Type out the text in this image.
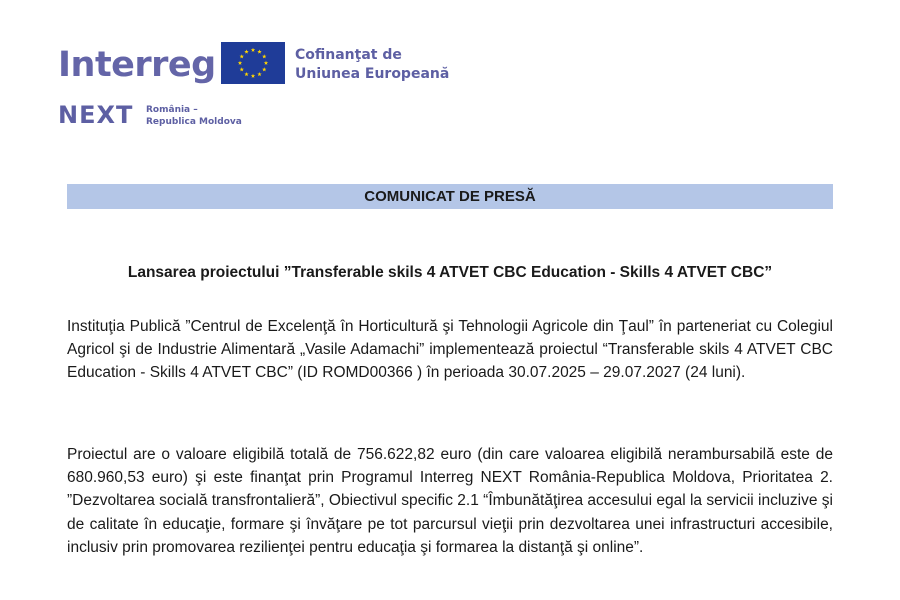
Interreg	Cofinanţat de
Uniunea Europeană
NEXT România –
Republica Moldova
COMUNICAT DE PRESĂ
Lansarea proiectului ”Transferable skils 4 ATVET CBC Education - Skills 4 ATVET CBC”

Instituţia Publică ”Centrul de Excelenţă în Horticultură şi Tehnologii Agricole din Ţaul” în parteneriat cu Colegiul Agricol şi de Industrie Alimentară „Vasile Adamachi” implementează proiectul “Transferable skils 4 ATVET CBC Education - Skills 4 ATVET CBC” (ID ROMD00366 ) în perioada 30.07.2025 – 29.07.2027 (24 luni).

Proiectul are o valoare eligibilă totală de 756.622,82 euro (din care valoarea eligibilă nerambursabilă este de 680.960,53 euro) şi este finanţat prin Programul Interreg NEXT România-Republica Moldova, Prioritatea 2. ”Dezvoltarea socială transfrontalieră”, Obiectivul specific 2.1 “Îmbunătăţirea accesului egal la servicii incluzive şi de calitate în educaţie, formare şi învăţare pe tot parcursul vieţii prin dezvoltarea unei infrastructuri accesibile, inclusiv prin promovarea rezilienţei pentru educaţia şi formarea la distanţă şi online”.
